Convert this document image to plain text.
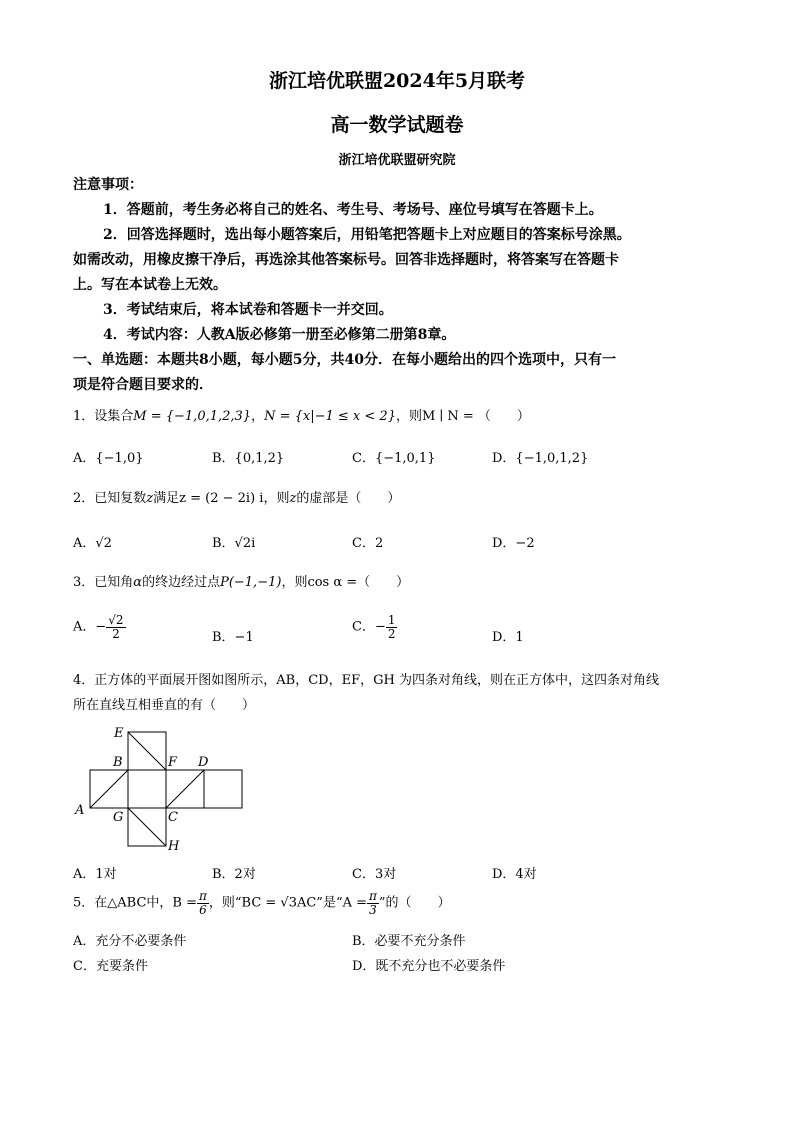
浙江培优联盟2024年5月联考
高一数学试题卷
浙江培优联盟研究院
注意事项：
1．答题前，考生务必将自己的姓名、考生号、考场号、座位号填写在答题卡上。
2．回答选择题时，选出每小题答案后，用铅笔把答题卡上对应题目的答案标号涂黑。
如需改动，用橡皮擦干净后，再选涂其他答案标号。回答非选择题时，将答案写在答题卡
上。写在本试卷上无效。
3．考试结束后，将本试卷和答题卡一并交回。
4．考试内容：人教A版必修第一册至必修第二册第8章。
一、单选题：本题共8小题，每小题5分，共40分．在每小题给出的四个选项中，只有一
项是符合题目要求的．
1．设集合M = {−1,0,1,2,3}，N = {x|−1 ≤ x < 2}，则M ∣ N = （　　）
A．{−1,0}	B．{0,1,2}	C．{−1,0,1}	D．{−1,0,1,2}
2．已知复数z满足z = (2 − 2i) i，则z的虚部是（　　）
A．√2	B．√2i	C．2	D．−2
3．已知角α的终边经过点P(−1,−1)，则cos α =（　　）
A．− $\frac{√2}{2}$	B．−1
C．− $\frac{1}{2}$	D．1
4．正方体的平面展开图如图所示，AB，CD，EF，GH 为四条对角线，则在正方体中，这四条对角线
所在直线互相垂直的有（　　）
E
B	F D
A G	C
H
A．1对	B．2对	C．3对	D．4对
5．在△ABC中，$B = \frac{\pi}{6}$ ，则“BC = √3AC”是“$A = \frac{\pi}{3}$ ”的（　　）
A．充分不必要条件	B．必要不充分条件
C．充要条件	D．既不充分也不必要条件
